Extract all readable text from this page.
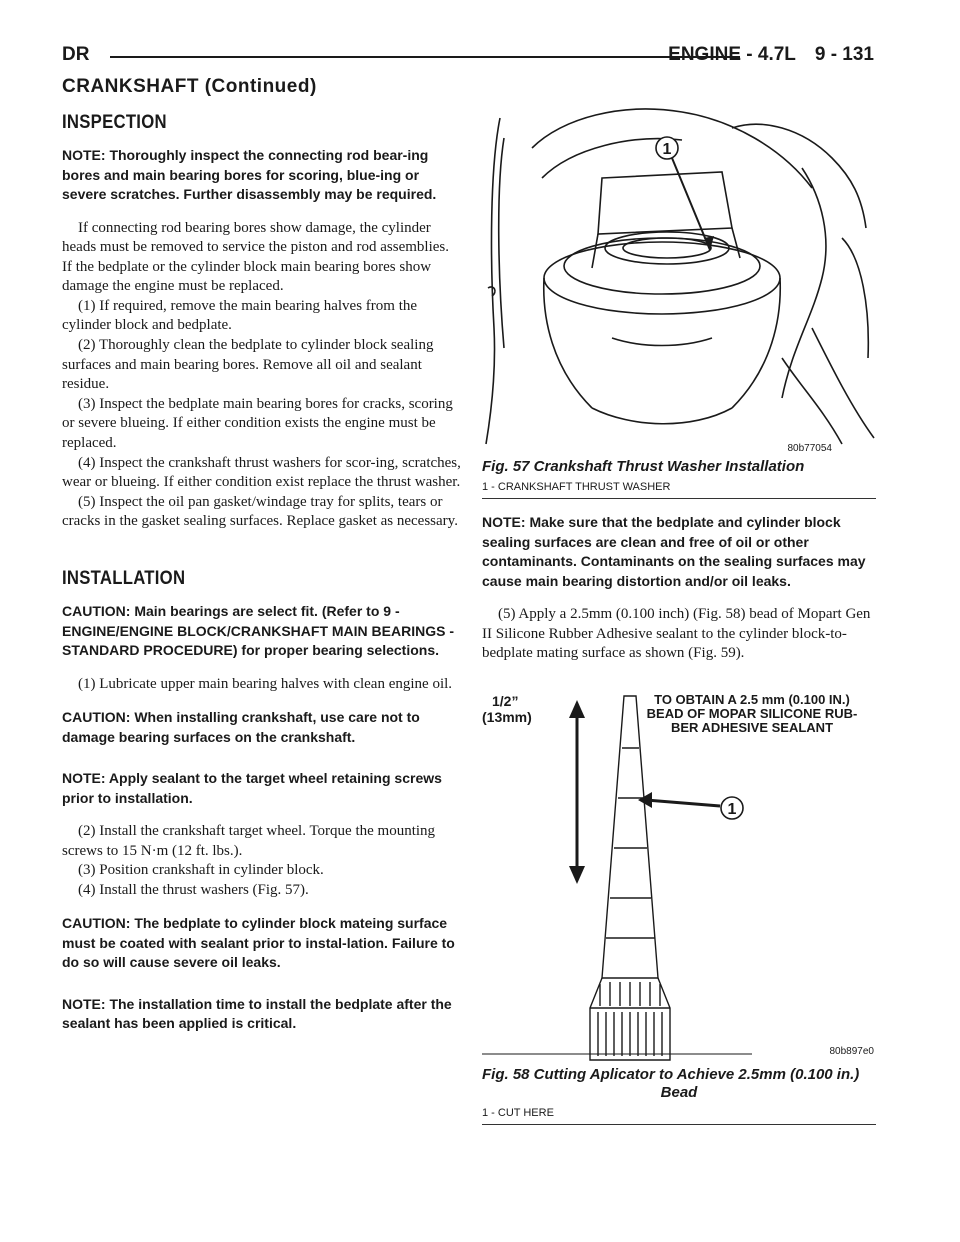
DR	ENGINE - 4.7L 9 - 131
CRANKSHAFT (Continued)
INSPECTION

NOTE: Thoroughly inspect the connecting rod bear-ing bores and main bearing bores for scoring, blue-ing or severe scratches. Further disassembly may be required.

If connecting rod bearing bores show damage, the cylinder heads must be removed to service the piston and rod assemblies. If the bedplate or the cylinder block main bearing bores show damage the engine must be replaced.

(1) If required, remove the main bearing halves from the cylinder block and bedplate.

(2) Thoroughly clean the bedplate to cylinder block sealing surfaces and main bearing bores. Remove all oil and sealant residue.

(3) Inspect the bedplate main bearing bores for cracks, scoring or severe blueing. If either condition exists the engine must be replaced.

(4) Inspect the crankshaft thrust washers for scor-ing, scratches, wear or blueing. If either condition exist replace the thrust washer.

(5) Inspect the oil pan gasket/windage tray for splits, tears or cracks in the gasket sealing surfaces. Replace gasket as necessary.

INSTALLATION

CAUTION: Main bearings are select fit. (Refer to 9 - ENGINE/ENGINE BLOCK/CRANKSHAFT MAIN BEARINGS - STANDARD PROCEDURE) for proper bearing selections.

(1) Lubricate upper main bearing halves with clean engine oil.

CAUTION: When installing crankshaft, use care not to damage bearing surfaces on the crankshaft.

NOTE: Apply sealant to the target wheel retaining screws prior to installation.

(2) Install the crankshaft target wheel. Torque the mounting screws to 15 N·m (12 ft. lbs.).

(3) Position crankshaft in cylinder block.

(4) Install the thrust washers (Fig. 57).

CAUTION: The bedplate to cylinder block mateing surface must be coated with sealant prior to instal-lation. Failure to do so will cause severe oil leaks.

NOTE: The installation time to install the bedplate after the sealant has been applied is critical.

1
80b77054
Fig. 57 Crankshaft Thrust Washer Installation
1 - CRANKSHAFT THRUST WASHER

NOTE: Make sure that the bedplate and cylinder block sealing surfaces are clean and free of oil or other contaminants. Contaminants on the sealing surfaces may cause main bearing distortion and/or oil leaks.

(5) Apply a 2.5mm (0.100 inch) (Fig. 58) bead of Mopart Gen II Silicone Rubber Adhesive sealant to the cylinder block-to-bedplate mating surface as shown (Fig. 59).

1/2”
(13mm)
TO OBTAIN A 2.5 mm (0.100 IN.)
BEAD OF MOPAR SILICONE RUB-
BER ADHESIVE SEALANT
1
80b897e0
Fig. 58 Cutting Aplicator to Achieve 2.5mm (0.100 in.)
Bead
1 - CUT HERE
